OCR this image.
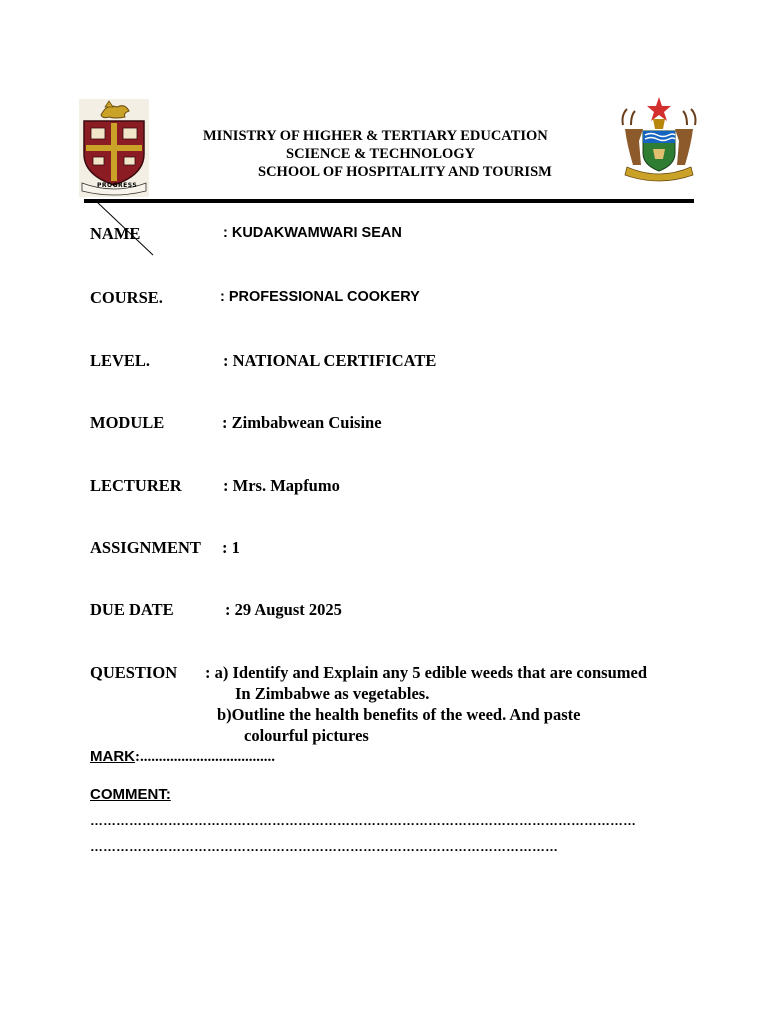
PROGRESS
MINISTRY OF HIGHER & TERTIARY EDUCATION
SCIENCE & TECHNOLOGY
SCHOOL OF HOSPITALITY AND TOURISM
NAME	: KUDAKWAMWARI SEAN
COURSE.	: PROFESSIONAL COOKERY
LEVEL.	: NATIONAL CERTIFICATE
MODULE	: Zimbabwean Cuisine
LECTURER	: Mrs. Mapfumo
ASSIGNMENT : 1
DUE DATE	: 29 August 2025
QUESTION : a) Identify and Explain any 5 edible weeds that are consumed
In Zimbabwe as vegetables.
b)Outline the health benefits of the weed. And paste
colourful pictures
MARK:....................................
COMMENT:
………………………………………………………………………………………………………………
………………………………………………………………………………………………
